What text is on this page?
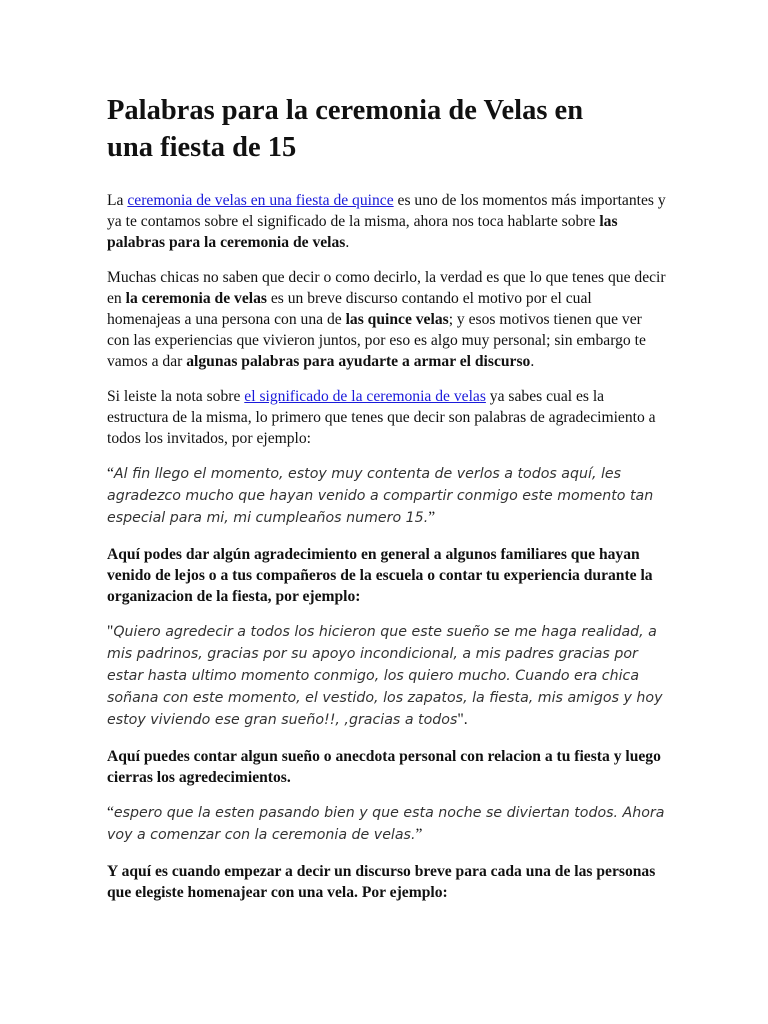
Palabras para la ceremonia de Velas en
una fiesta de 15

La ceremonia de velas en una fiesta de quince es uno de los momentos más importantes y ya te contamos sobre el significado de la misma, ahora nos toca hablarte sobre las palabras para la ceremonia de velas.

Muchas chicas no saben que decir o como decirlo, la verdad es que lo que tenes que decir en la ceremonia de velas es un breve discurso contando el motivo por el cual homenajeas a una persona con una de las quince velas; y esos motivos tienen que ver con las experiencias que vivieron juntos, por eso es algo muy personal; sin embargo te vamos a dar algunas palabras para ayudarte a armar el discurso.

Si leiste la nota sobre el significado de la ceremonia de velas ya sabes cual es la estructura de la misma, lo primero que tenes que decir son palabras de agradecimiento a todos los invitados, por ejemplo:

“Al fin llego el momento, estoy muy contenta de verlos a todos aquí, les agradezco mucho que hayan venido a compartir conmigo este momento tan especial para mi, mi cumpleaños numero 15.”

Aquí podes dar algún agradecimiento en general a algunos familiares que hayan venido de lejos o a tus compañeros de la escuela o contar tu experiencia durante la organizacion de la fiesta, por ejemplo:

"Quiero agredecir a todos los hicieron que este sueño se me haga realidad, a mis padrinos, gracias por su apoyo incondicional, a mis padres gracias por estar hasta ultimo momento conmigo, los quiero mucho. Cuando era chica soñana con este momento, el vestido, los zapatos, la fiesta, mis amigos y hoy estoy viviendo ese gran sueño!!, ,gracias a todos".

Aquí puedes contar algun sueño o anecdota personal con relacion a tu fiesta y luego cierras los agredecimientos.

“espero que la esten pasando bien y que esta noche se diviertan todos. Ahora voy a comenzar con la ceremonia de velas.”

Y aquí es cuando empezar a decir un discurso breve para cada una de las personas que elegiste homenajear con una vela. Por ejemplo:
